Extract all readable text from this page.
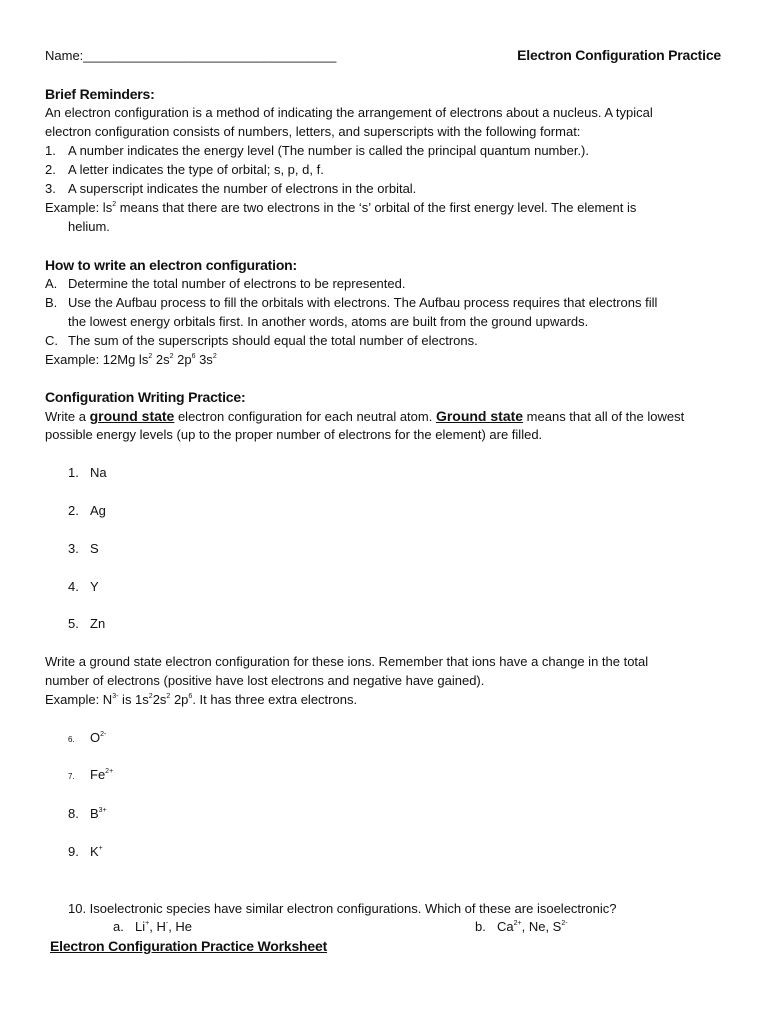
Name:___________________________________	Electron Configuration Practice
Brief Reminders:
An electron configuration is a method of indicating the arrangement of electrons about a nucleus. A typical
electron configuration consists of numbers, letters, and superscripts with the following format:
1. A number indicates the energy level (The number is called the principal quantum number.).
2. A letter indicates the type of orbital; s, p, d, f.
3. A superscript indicates the number of electrons in the orbital.
Example: $ls^2$ means that there are two electrons in the ‘s’ orbital of the first energy level. The element is
helium.
How to write an electron configuration:
A. Determine the total number of electrons to be represented.
B. Use the Aufbau process to fill the orbitals with electrons. The Aufbau process requires that electrons fill
the lowest energy orbitals first. In another words, atoms are built from the ground upwards.
C. The sum of the superscripts should equal the total number of electrons.
Example: 12Mg $ls^2$ $2s^2$ $2p^6$ $3s^2$
Configuration Writing Practice:
Write a ground state electron configuration for each neutral atom. Ground state means that all of the lowest
possible energy levels (up to the proper number of electrons for the element) are filled.
1. Na
2. Ag
3. S
4. Y
5. Zn
Write a ground state electron configuration for these ions. Remember that ions have a change in the total
number of electrons (positive have lost electrons and negative have gained).
Example: $N^{3-}$ is $1s^22s^2$ $2p^6$. It has three extra electrons.
6. $O^{2-}$
7. $Fe^{2+}$
8. $B^{3+}$
9. K+
10. Isoelectronic species have similar electron configurations. Which of these are isoelectronic?
a. Li+, H-, He	b. $Ca^{2+}$, Ne, $S^{2-}$
Electron Configuration Practice Worksheet
